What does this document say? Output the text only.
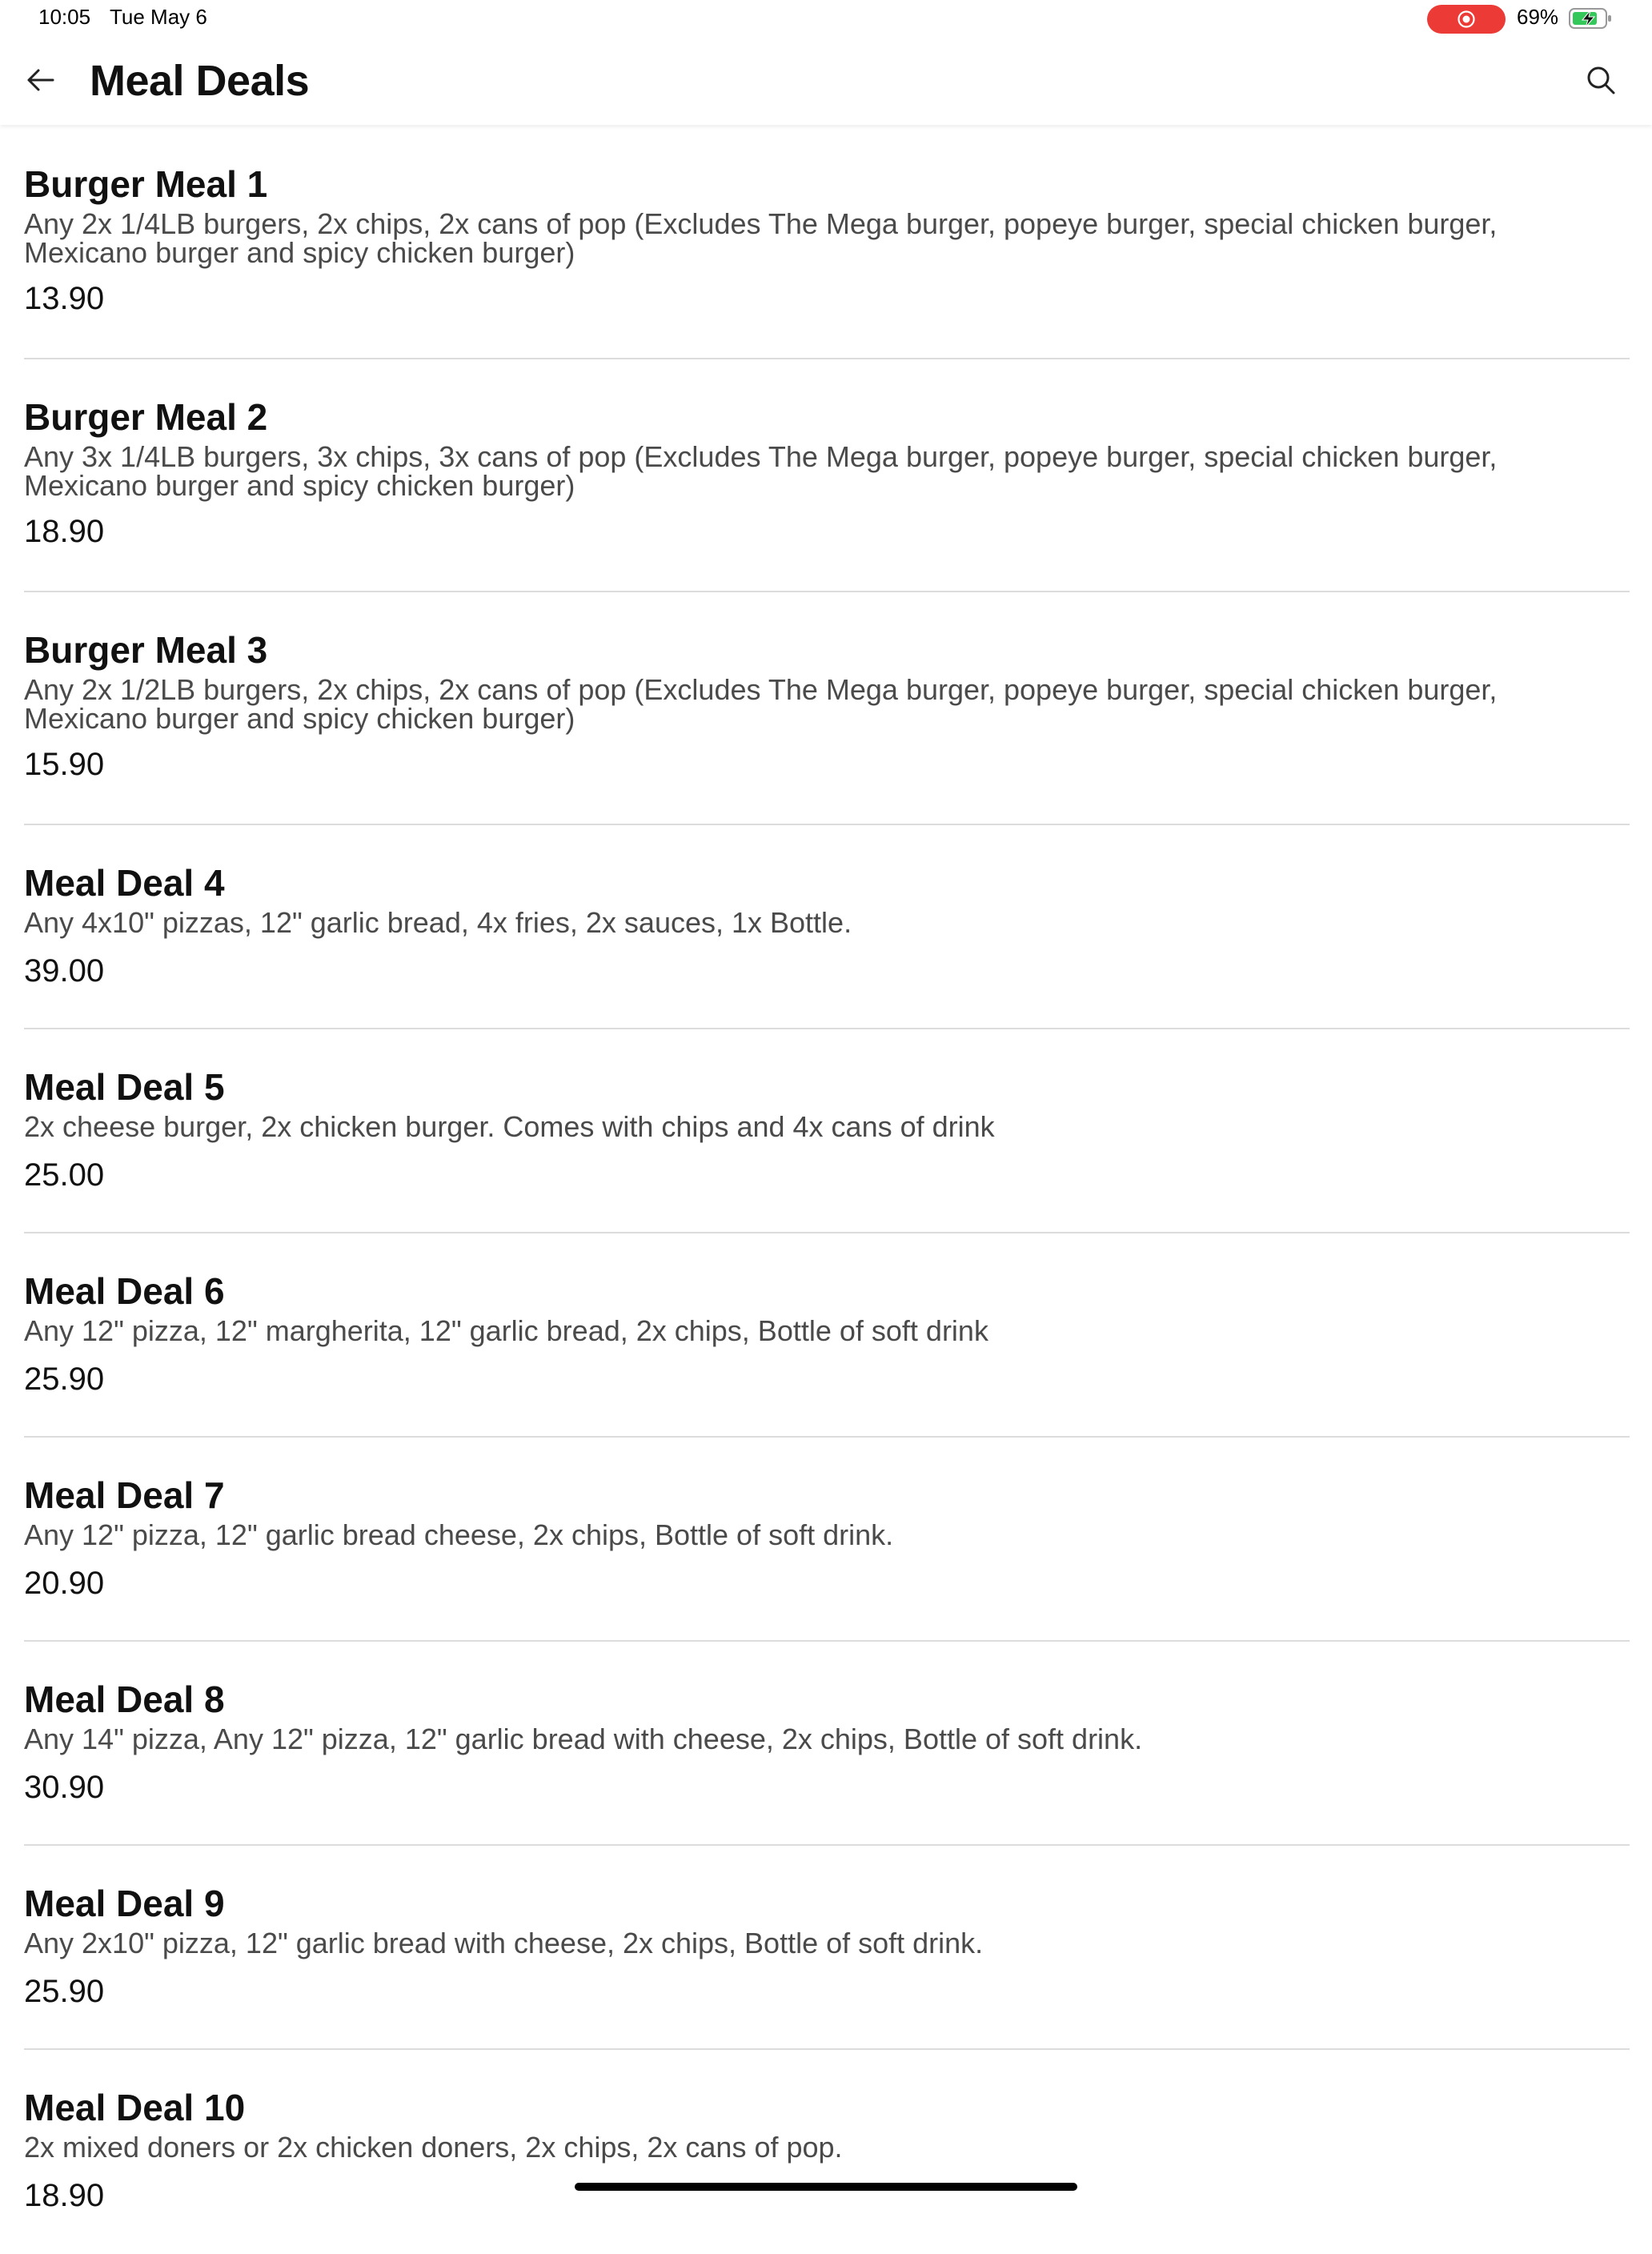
10:05 Tue May 6	69%
Meal Deals
Burger Meal 1
Any 2x 1/4LB burgers, 2x chips, 2x cans of pop (Excludes The Mega burger, popeye burger, special chicken burger, Mexicano burger and spicy chicken burger)
13.90
Burger Meal 2
Any 3x 1/4LB burgers, 3x chips, 3x cans of pop (Excludes The Mega burger, popeye burger, special chicken burger, Mexicano burger and spicy chicken burger)
18.90
Burger Meal 3
Any 2x 1/2LB burgers, 2x chips, 2x cans of pop (Excludes The Mega burger, popeye burger, special chicken burger, Mexicano burger and spicy chicken burger)
15.90
Meal Deal 4
Any 4x10" pizzas, 12" garlic bread, 4x fries, 2x sauces, 1x Bottle.
39.00
Meal Deal 5
2x cheese burger, 2x chicken burger. Comes with chips and 4x cans of drink
25.00
Meal Deal 6
Any 12" pizza, 12" margherita, 12" garlic bread, 2x chips, Bottle of soft drink
25.90
Meal Deal 7
Any 12" pizza, 12" garlic bread cheese, 2x chips, Bottle of soft drink.
20.90
Meal Deal 8
Any 14" pizza, Any 12" pizza, 12" garlic bread with cheese, 2x chips, Bottle of soft drink.
30.90
Meal Deal 9
Any 2x10" pizza, 12" garlic bread with cheese, 2x chips, Bottle of soft drink.
25.90
Meal Deal 10
2x mixed doners or 2x chicken doners, 2x chips, 2x cans of pop.
18.90
